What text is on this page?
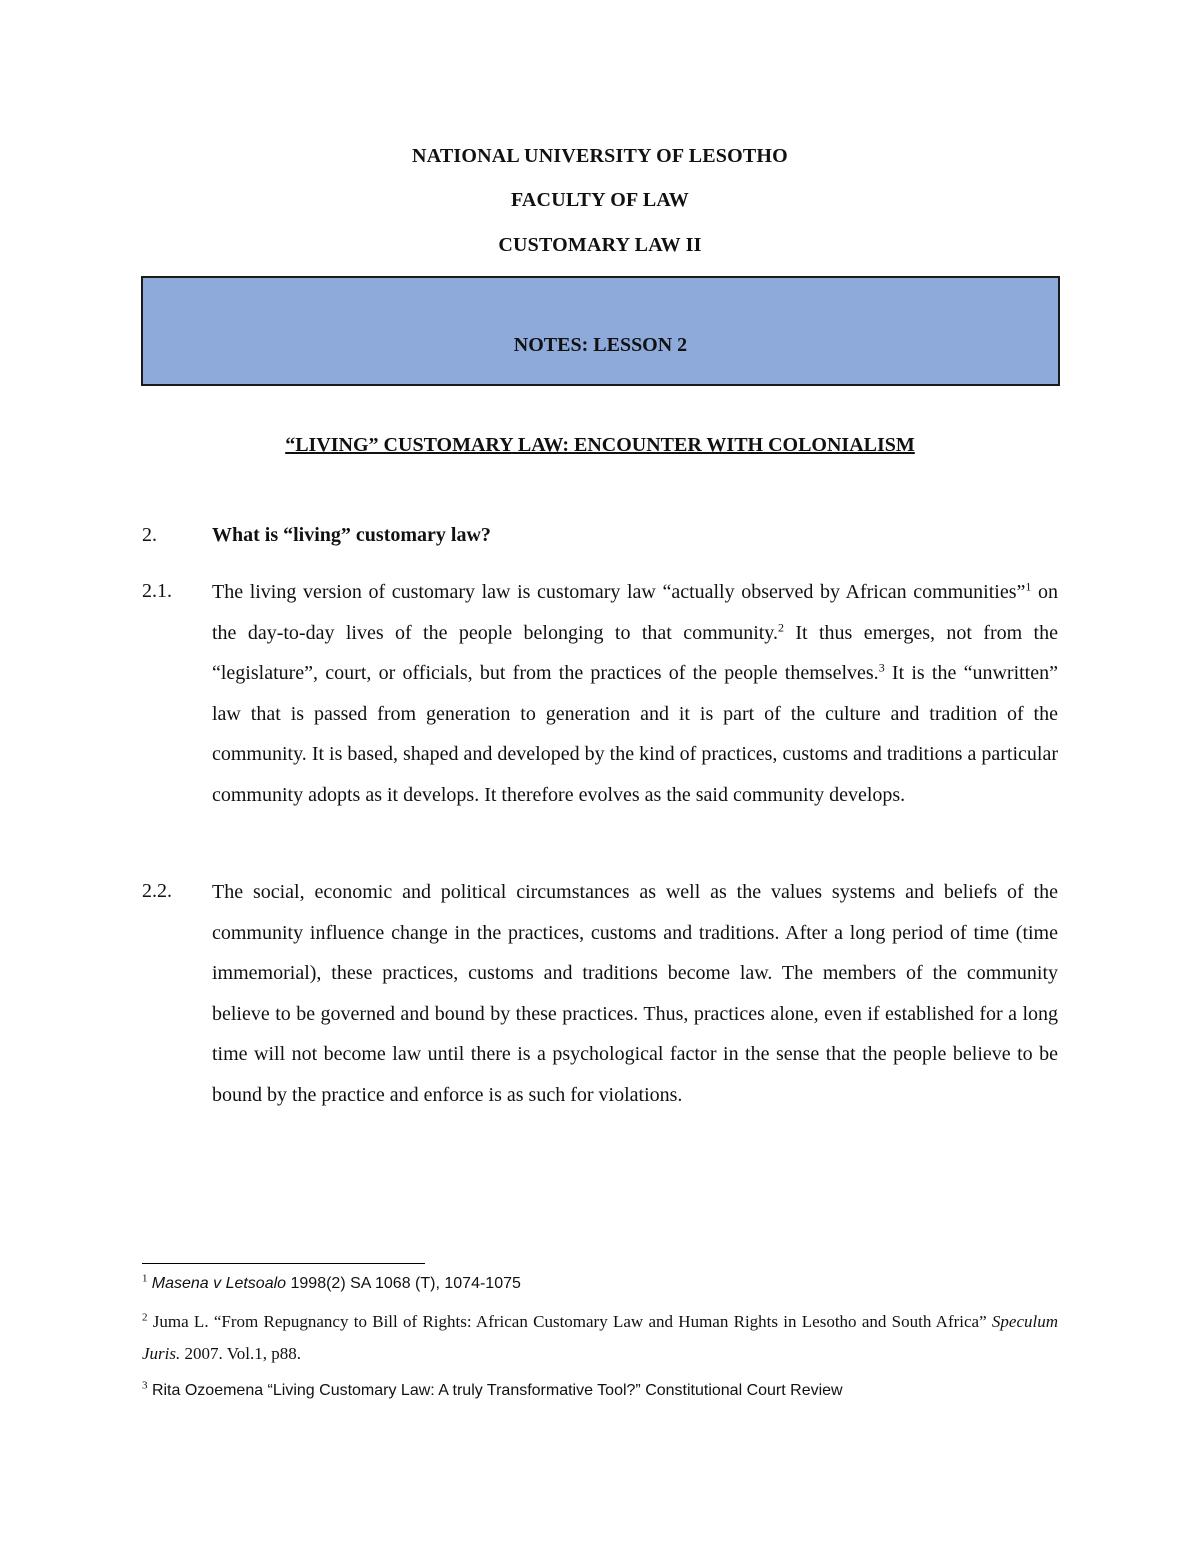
NATIONAL UNIVERSITY OF LESOTHO
FACULTY OF LAW
CUSTOMARY LAW II
NOTES: LESSON 2
“LIVING” CUSTOMARY LAW: ENCOUNTER WITH COLONIALISM
2.	What is “living” customary law?
2.1. The living version of customary law is customary law “actually observed by African communities”$^1$ on the day-to-day lives of the people belonging to that community.$^2$ It thus emerges, not from the “legislature”, court, or officials, but from the practices of the people themselves.$^3$ It is the “unwritten” law that is passed from generation to generation and it is part of the culture and tradition of the community. It is based, shaped and developed by the kind of practices, customs and traditions a particular community adopts as it develops. It therefore evolves as the said community develops.
2.2. The social, economic and political circumstances as well as the values systems and beliefs of the community influence change in the practices, customs and traditions. After a long period of time (time immemorial), these practices, customs and traditions become law. The members of the community believe to be governed and bound by these practices. Thus, practices alone, even if established for a long time will not become law until there is a psychological factor in the sense that the people believe to be bound by the practice and enforce is as such for violations.
$^1$ Masena v Letsoalo 1998(2) SA 1068 (T), 1074-1075
$^2$ Juma L. “From Repugnancy to Bill of Rights: African Customary Law and Human Rights in Lesotho and South Africa” Speculum Juris. 2007. Vol.1, p88.
$^3$ Rita Ozoemena “Living Customary Law: A truly Transformative Tool?” Constitutional Court Review
